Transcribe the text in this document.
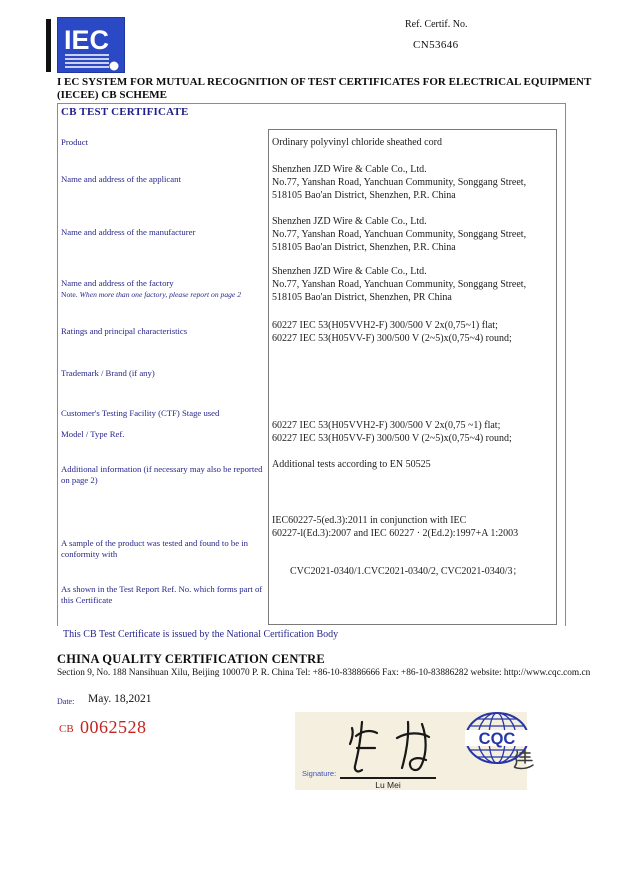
IEC
Ref. Certif. No.
CN53646
I EC SYSTEM FOR MUTUAL RECOGNITION OF TEST CERTIFICATES FOR ELECTRICAL EQUIPMENT
(IECEE) CB SCHEME
CB TEST CERTIFICATE
Product
Name and address of the applicant
Name and address of the manufacturer
Name and address of the factory
Note. When more than one factory, please report on page 2
Ratings and principal characteristics
Trademark / Brand (if any)
Customer's Testing Facility (CTF) Stage used
Model / Type Ref.
Additional information (if necessary may also be reported on page 2)
A sample of the product was tested and found to be in conformity with
As shown in the Test Report Ref. No. which forms part of this Certificate
Ordinary polyvinyl chloride sheathed cord
Shenzhen JZD Wire & Cable Co., Ltd.
No.77, Yanshan Road, Yanchuan Community, Songgang Street,
518105 Bao'an District, Shenzhen, P.R. China
Shenzhen JZD Wire & Cable Co., Ltd.
No.77, Yanshan Road, Yanchuan Community, Songgang Street,
518105 Bao'an District, Shenzhen, P.R. China
Shenzhen JZD Wire & Cable Co., Ltd.
No.77, Yanshan Road, Yanchuan Community, Songgang Street,
518105 Bao'an District, Shenzhen, PR China
60227 IEC 53(H05VVH2-F) 300/500 V 2x(0,75~1) flat;
60227 IEC 53(H05VV-F) 300/500 V (2~5)x(0,75~4) round;
60227 IEC 53(H05VVH2-F) 300/500 V 2x(0,75 ~1) flat;
60227 IEC 53(H05VV-F) 300/500 V (2~5)x(0,75~4) round;
Additional tests according to EN 50525
IEC60227-5(ed.3):2011 in conjunction with IEC
60227-l(Ed.3):2007 and IEC 60227 · 2(Ed.2):1997+A 1:2003
CVC2021-0340/1.CVC2021-0340/2, CVC2021-0340/3；
This CB Test Certificate is issued by the National Certification Body
CHINA QUALITY CERTIFICATION CENTRE
Section 9, No. 188 Nansihuan Xilu, Beijing 100070 P. R. China Tel: +86-10-83886666 Fax: +86-10-83886282 website: http://www.cqc.com.cn
Date: May. 18,2021
CB 0062528
Signature:
Lu Mei
CQC
